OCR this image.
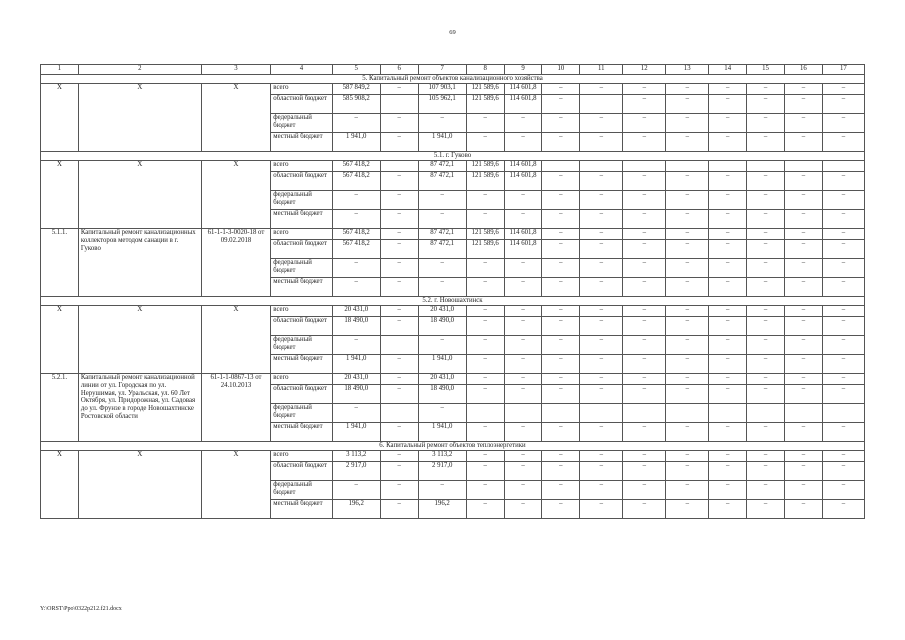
69
1	2	3	4	5	6	7	8	9	10	11	12	13	14	15	16	17
5. Капитальный ремонт объектов канализационного хозяйства																
X	X	X	всего	587 849,2	–	107 903,1	121 589,6	114 601,8	–	–	–	–	–	–	–	–
			областной бюджет	585 908,2		105 962,1	121 589,6	114 601,8	–		–	–	–	–	–	–
			федеральный бюджет	–	–	–	–	–	–	–	–	–	–	–	–	–
			местный бюджет	1 941,0	–	1 941,0	–	–	–	–	–	–	–	–	–	–
5.1. г. Гуково																
X	X	X	всего	567 418,2		87 472,1	121 589,6	114 601,8								
			областной бюджет	567 418,2	–	87 472,1	121 589,6	114 601,8	–	–	–	–	–	–	–	–
			федеральный бюджет	–	–	–	–	–	–	–	–	–	–	–	–	–
			местный бюджет	–	–	–	–	–	–	–	–	–	–	–	–	–
5.1.1.	Капитальный ремонт канализационных коллекторов методом санации в г. Гуково	61-1-1-3-0020-18 от 09.02.2018	всего	567 418,2	–	87 472,1	121 589,6	114 601,8	–	–	–	–	–	–	–	–
			областной бюджет	567 418,2	–	87 472,1	121 589,6	114 601,8	–	–	–	–	–	–	–	–
			федеральный бюджет	–	–	–	–	–	–	–	–	–	–	–	–	–
			местный бюджет	–	–	–	–	–	–	–	–	–	–	–	–	–
5.2. г. Новошахтинск																
X	X	X	всего	20 431,0	–	20 431,0	–	–	–	–	–	–	–	–	–	–
			областной бюджет	18 490,0	–	18 490,0	–	–	–	–	–	–	–	–	–	–
			федеральный бюджет	–		–	–	–	–	–	–	–	–	–	–	–
			местный бюджет	1 941,0	–	1 941,0	–	–	–	–	–	–	–	–	–	–
5.2.1.	Капитальный ремонт канализационной линии от ул. Городская по ул. Нерушимая, ул. Уральская, ул. 60 Лет Октября, ул. Придорожная, ул. Садовая до ул. Фрунзе в городе Новошахтинске Ростовской области	61-1-1-0867-13 от 24.10.2013	всего	20 431,0	–	20 431,0	–	–	–	–	–	–	–	–	–	–
			областной бюджет	18 490,0	–	18 490,0	–	–	–	–	–	–	–	–	–	–
			федеральный бюджет	–		–										
			местный бюджет	1 941,0	–	1 941,0	–	–	–	–	–	–	–	–	–	–
6. Капитальный ремонт объектов теплоэнергетики																
X	X	X	всего	3 113,2	–	3 113,2	–	–	–	–	–	–	–	–	–	–
			областной бюджет	2 917,0	–	2 917,0	–	–	–	–	–	–	–	–	–	–
			федеральный бюджет	–	–	–	–	–	–	–	–	–	–	–	–	–
			местный бюджет	196,2	–	196,2	–	–	–	–	–	–	–	–	–	–
Y:\ORST\Ppo\0322p212.f21.docx
